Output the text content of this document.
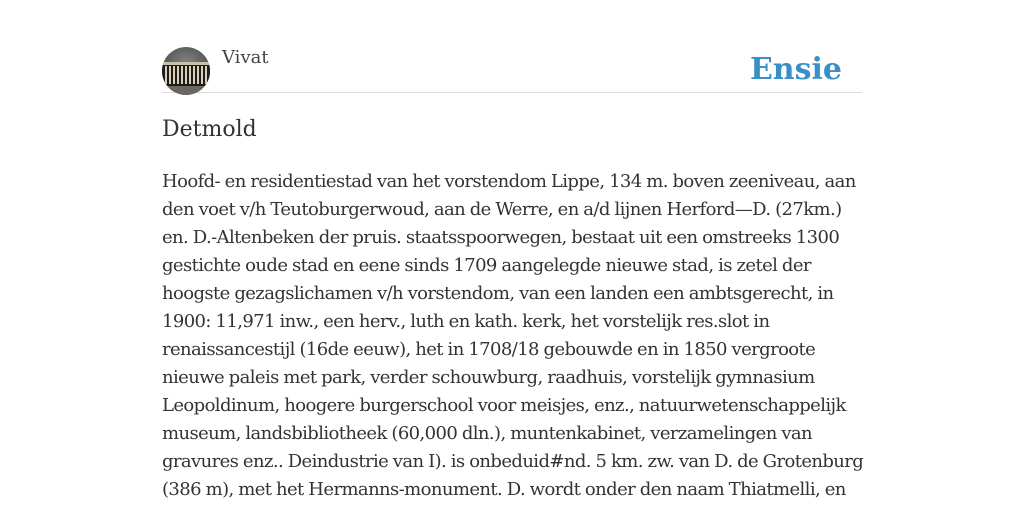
Vivat	Ensie
Detmold
Hoofd- en residentiestad van het vorstendom Lippe, 134 m. boven zeeniveau, aan
den voet v/h Teutoburgerwoud, aan de Werre, en a/d lijnen Herford—D. (27km.)
en. D.-Altenbeken der pruis. staatsspoorwegen, bestaat uit een omstreeks 1300
gestichte oude stad en eene sinds 1709 aangelegde nieuwe stad, is zetel der
hoogste gezagslichamen v/h vorstendom, van een landen een ambtsgerecht, in
1900: 11,971 inw., een herv., luth en kath. kerk, het vorstelijk res.slot in
renaissancestijl (16de eeuw), het in 1708/18 gebouwde en in 1850 vergroote
nieuwe paleis met park, verder schouwburg, raadhuis, vorstelijk gymnasium
Leopoldinum, hoogere burgerschool voor meisjes, enz., natuurwetenschappelijk
museum, landsbibliotheek (60,000 dln.), muntenkabinet, verzamelingen van
gravures enz.. Deindustrie van I). is onbeduid#nd. 5 km. zw. van D. de Grotenburg
(386 m), met het Hermanns-monument. D. wordt onder den naam Thiatmelli, en
